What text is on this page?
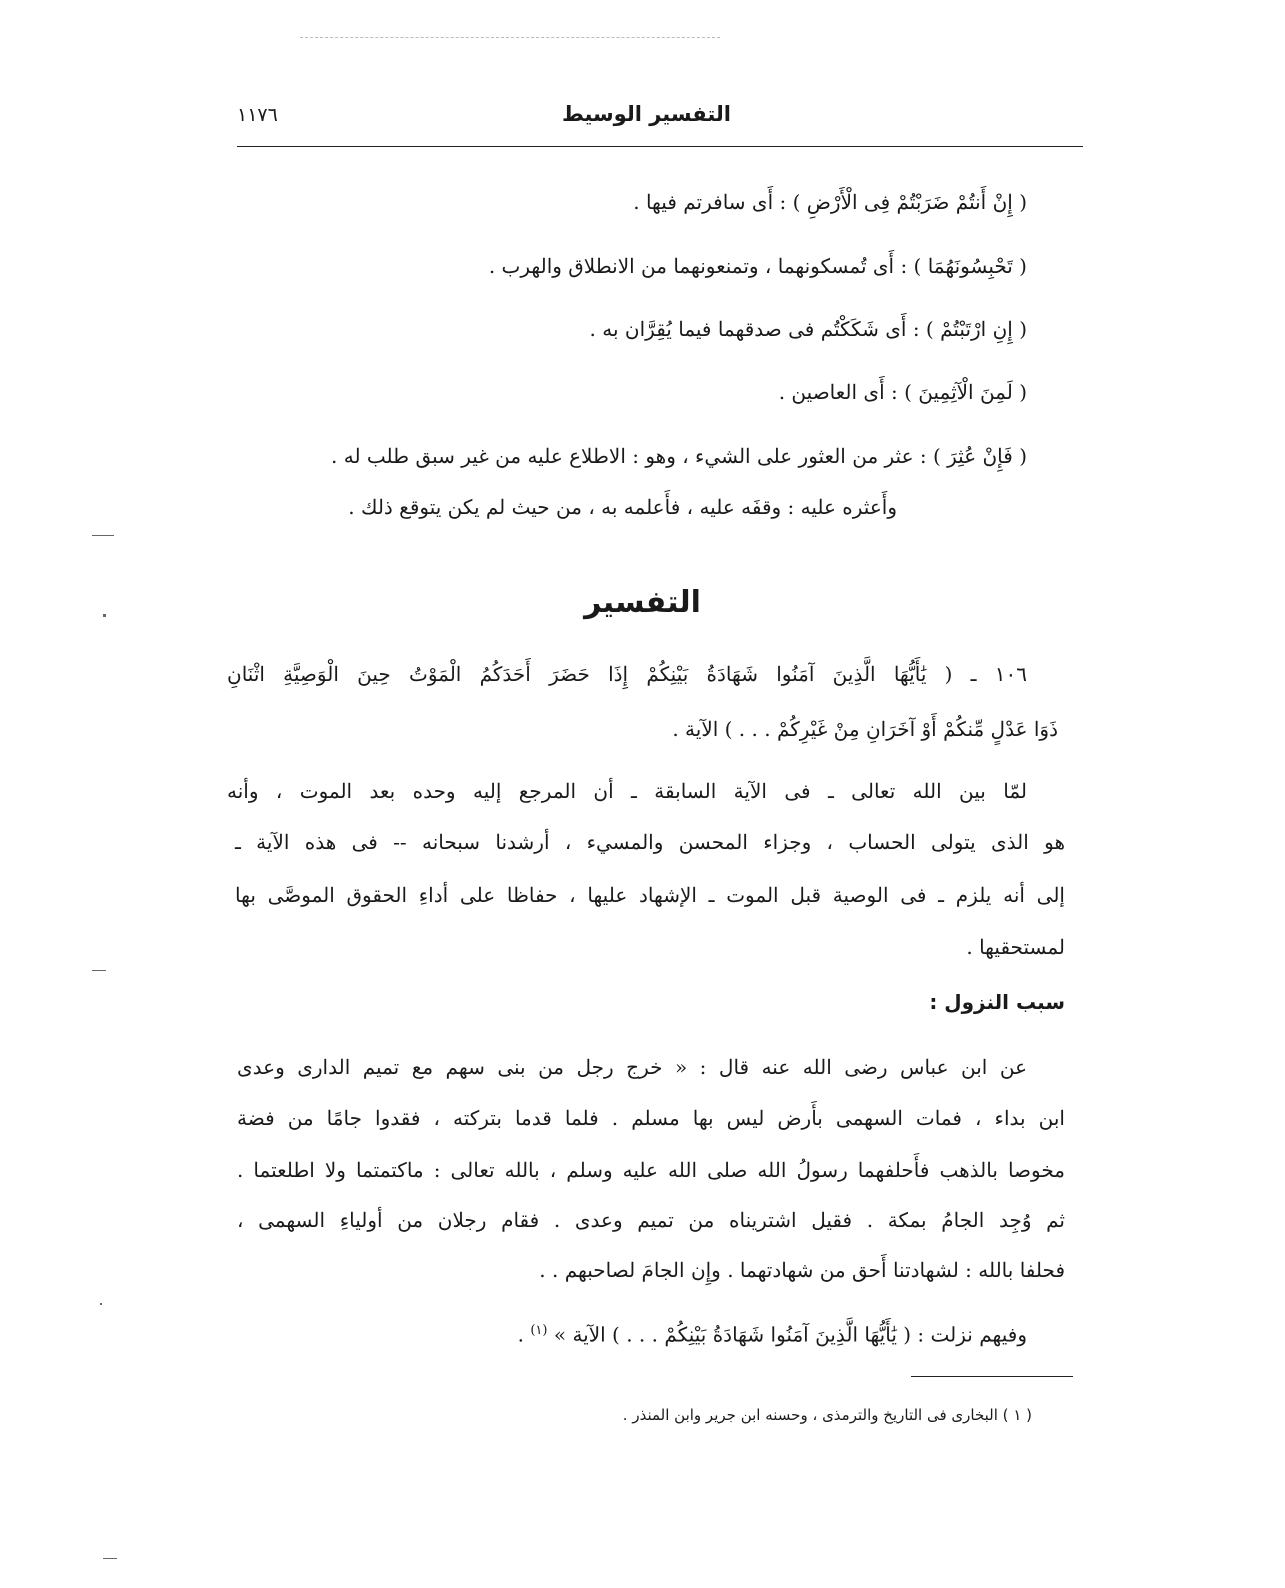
التفسير الوسيط
١١٧٦
( إِنْ أَنتُمْ ضَرَبْتُمْ فِى الْأَرْضِ ) : أَى سافرتم فيها .
( تَحْبِسُونَهُمَا ) : أَى تُمسكونهما ، وتمنعونهما من الانطلاق والهرب .
( إِنِ ارْتَبْتُمْ ) : أَى شَكَكْتُم فى صدقهما فيما يُقِرَّان به .
( لَمِنَ الْآثِمِينَ ) : أَى العاصين .
( فَإِنْ عُثِرَ ) : عثر من العثور على الشيء ، وهو : الاطلاع عليه من غير سبق طلب له .
وأَعثره عليه : وقفَه عليه ، فأَعلمه به ، من حيث لم يكن يتوقع ذلك .
التفسير
١٠٦ ـ ( يَٰأَيُّهَا الَّذِينَ آمَنُوا شَهَادَةُ بَيْنِكُمْ إِذَا حَضَرَ أَحَدَكُمُ الْمَوْتُ حِينَ الْوَصِيَّةِ اثْنَانِ
ذَوَا عَدْلٍ مِّنكُمْ أَوْ آخَرَانِ مِنْ غَيْرِكُمْ . . . ) الآية .
لمّا بين الله تعالى ـ فى الآية السابقة ـ أن المرجع إليه وحده بعد الموت ، وأنه
هو الذى يتولى الحساب ، وجزاء المحسن والمسيء ، أرشدنا سبحانه -- فى هذه الآية ـ
إلى أنه يلزم ـ فى الوصية قبل الموت ـ الإشهاد عليها ، حفاظا على أداءِ الحقوق الموصَّى بها
لمستحقيها .
سبب النزول :
عن ابن عباس رضى الله عنه قال : « خرج رجل من بنى سهم مع تميم الدارى وعدى
ابن بداء ، فمات السهمى بأَرض ليس بها مسلم . فلما قدما بتركته ، فقدوا جامًا من فضة
مخوصا بالذهب فأَحلفهما رسولُ الله صلى الله عليه وسلم ، بالله تعالى : ماكتمتما ولا اطلعتما .
ثم وُجِد الجامُ بمكة . فقيل اشتريناه من تميم وعدى . فقام رجلان من أولياءِ السهمى ،
فحلفا بالله : لشهادتنا أَحق من شهادتهما . وإِن الجامَ لصاحبهم . .
وفيهم نزلت : ( يَٰأَيُّهَا الَّذِينَ آمَنُوا شَهَادَةُ بَيْنِكُمْ . . . ) الآية » $^{(١)}$ .
( ١ ) البخارى فى التاريخ والترمذى ، وحسنه ابن جرير وابن المنذر .
